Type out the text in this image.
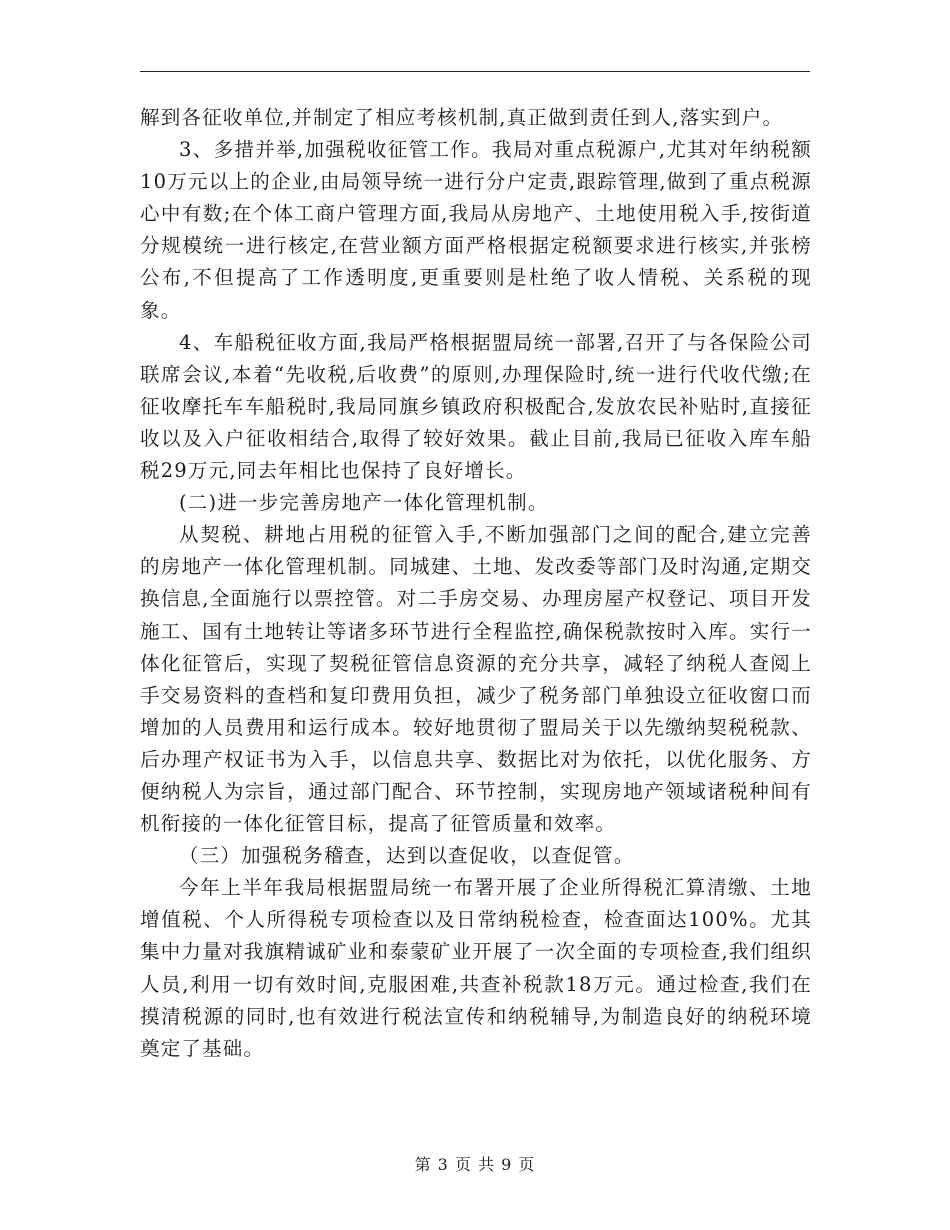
解到各征收单位,并制定了相应考核机制,真正做到责任到人,落实到户。

3、多措并举,加强税收征管工作。我局对重点税源户,尤其对年纳税额10万元以上的企业,由局领导统一进行分户定责,跟踪管理,做到了重点税源心中有数;在个体工商户管理方面,我局从房地产、土地使用税入手,按街道分规模统一进行核定,在营业额方面严格根据定税额要求进行核实,并张榜公布,不但提高了工作透明度,更重要则是杜绝了收人情税、关系税的现象。

4、车船税征收方面,我局严格根据盟局统一部署,召开了与各保险公司联席会议,本着“先收税,后收费”的原则,办理保险时,统一进行代收代缴;在征收摩托车车船税时,我局同旗乡镇政府积极配合,发放农民补贴时,直接征收以及入户征收相结合,取得了较好效果。截止目前,我局已征收入库车船税29万元,同去年相比也保持了良好增长。

(二)进一步完善房地产一体化管理机制。

从契税、耕地占用税的征管入手,不断加强部门之间的配合,建立完善的房地产一体化管理机制。同城建、土地、发改委等部门及时沟通,定期交换信息,全面施行以票控管。对二手房交易、办理房屋产权登记、项目开发施工、国有土地转让等诸多环节进行全程监控,确保税款按时入库。实行一体化征管后，实现了契税征管信息资源的充分共享，减轻了纳税人查阅上手交易资料的查档和复印费用负担，减少了税务部门单独设立征收窗口而增加的人员费用和运行成本。较好地贯彻了盟局关于以先缴纳契税税款、后办理产权证书为入手，以信息共享、数据比对为依托，以优化服务、方便纳税人为宗旨，通过部门配合、环节控制，实现房地产领域诸税种间有机衔接的一体化征管目标，提高了征管质量和效率。

（三）加强税务稽查，达到以查促收，以查促管。

今年上半年我局根据盟局统一布署开展了企业所得税汇算清缴、土地增值税、个人所得税专项检查以及日常纳税检查，检查面达100%。尤其集中力量对我旗精诚矿业和泰蒙矿业开展了一次全面的专项检查,我们组织人员,利用一切有效时间,克服困难,共查补税款18万元。通过检查,我们在摸清税源的同时,也有效进行税法宣传和纳税辅导,为制造良好的纳税环境奠定了基础。

第 3 页 共 9 页
